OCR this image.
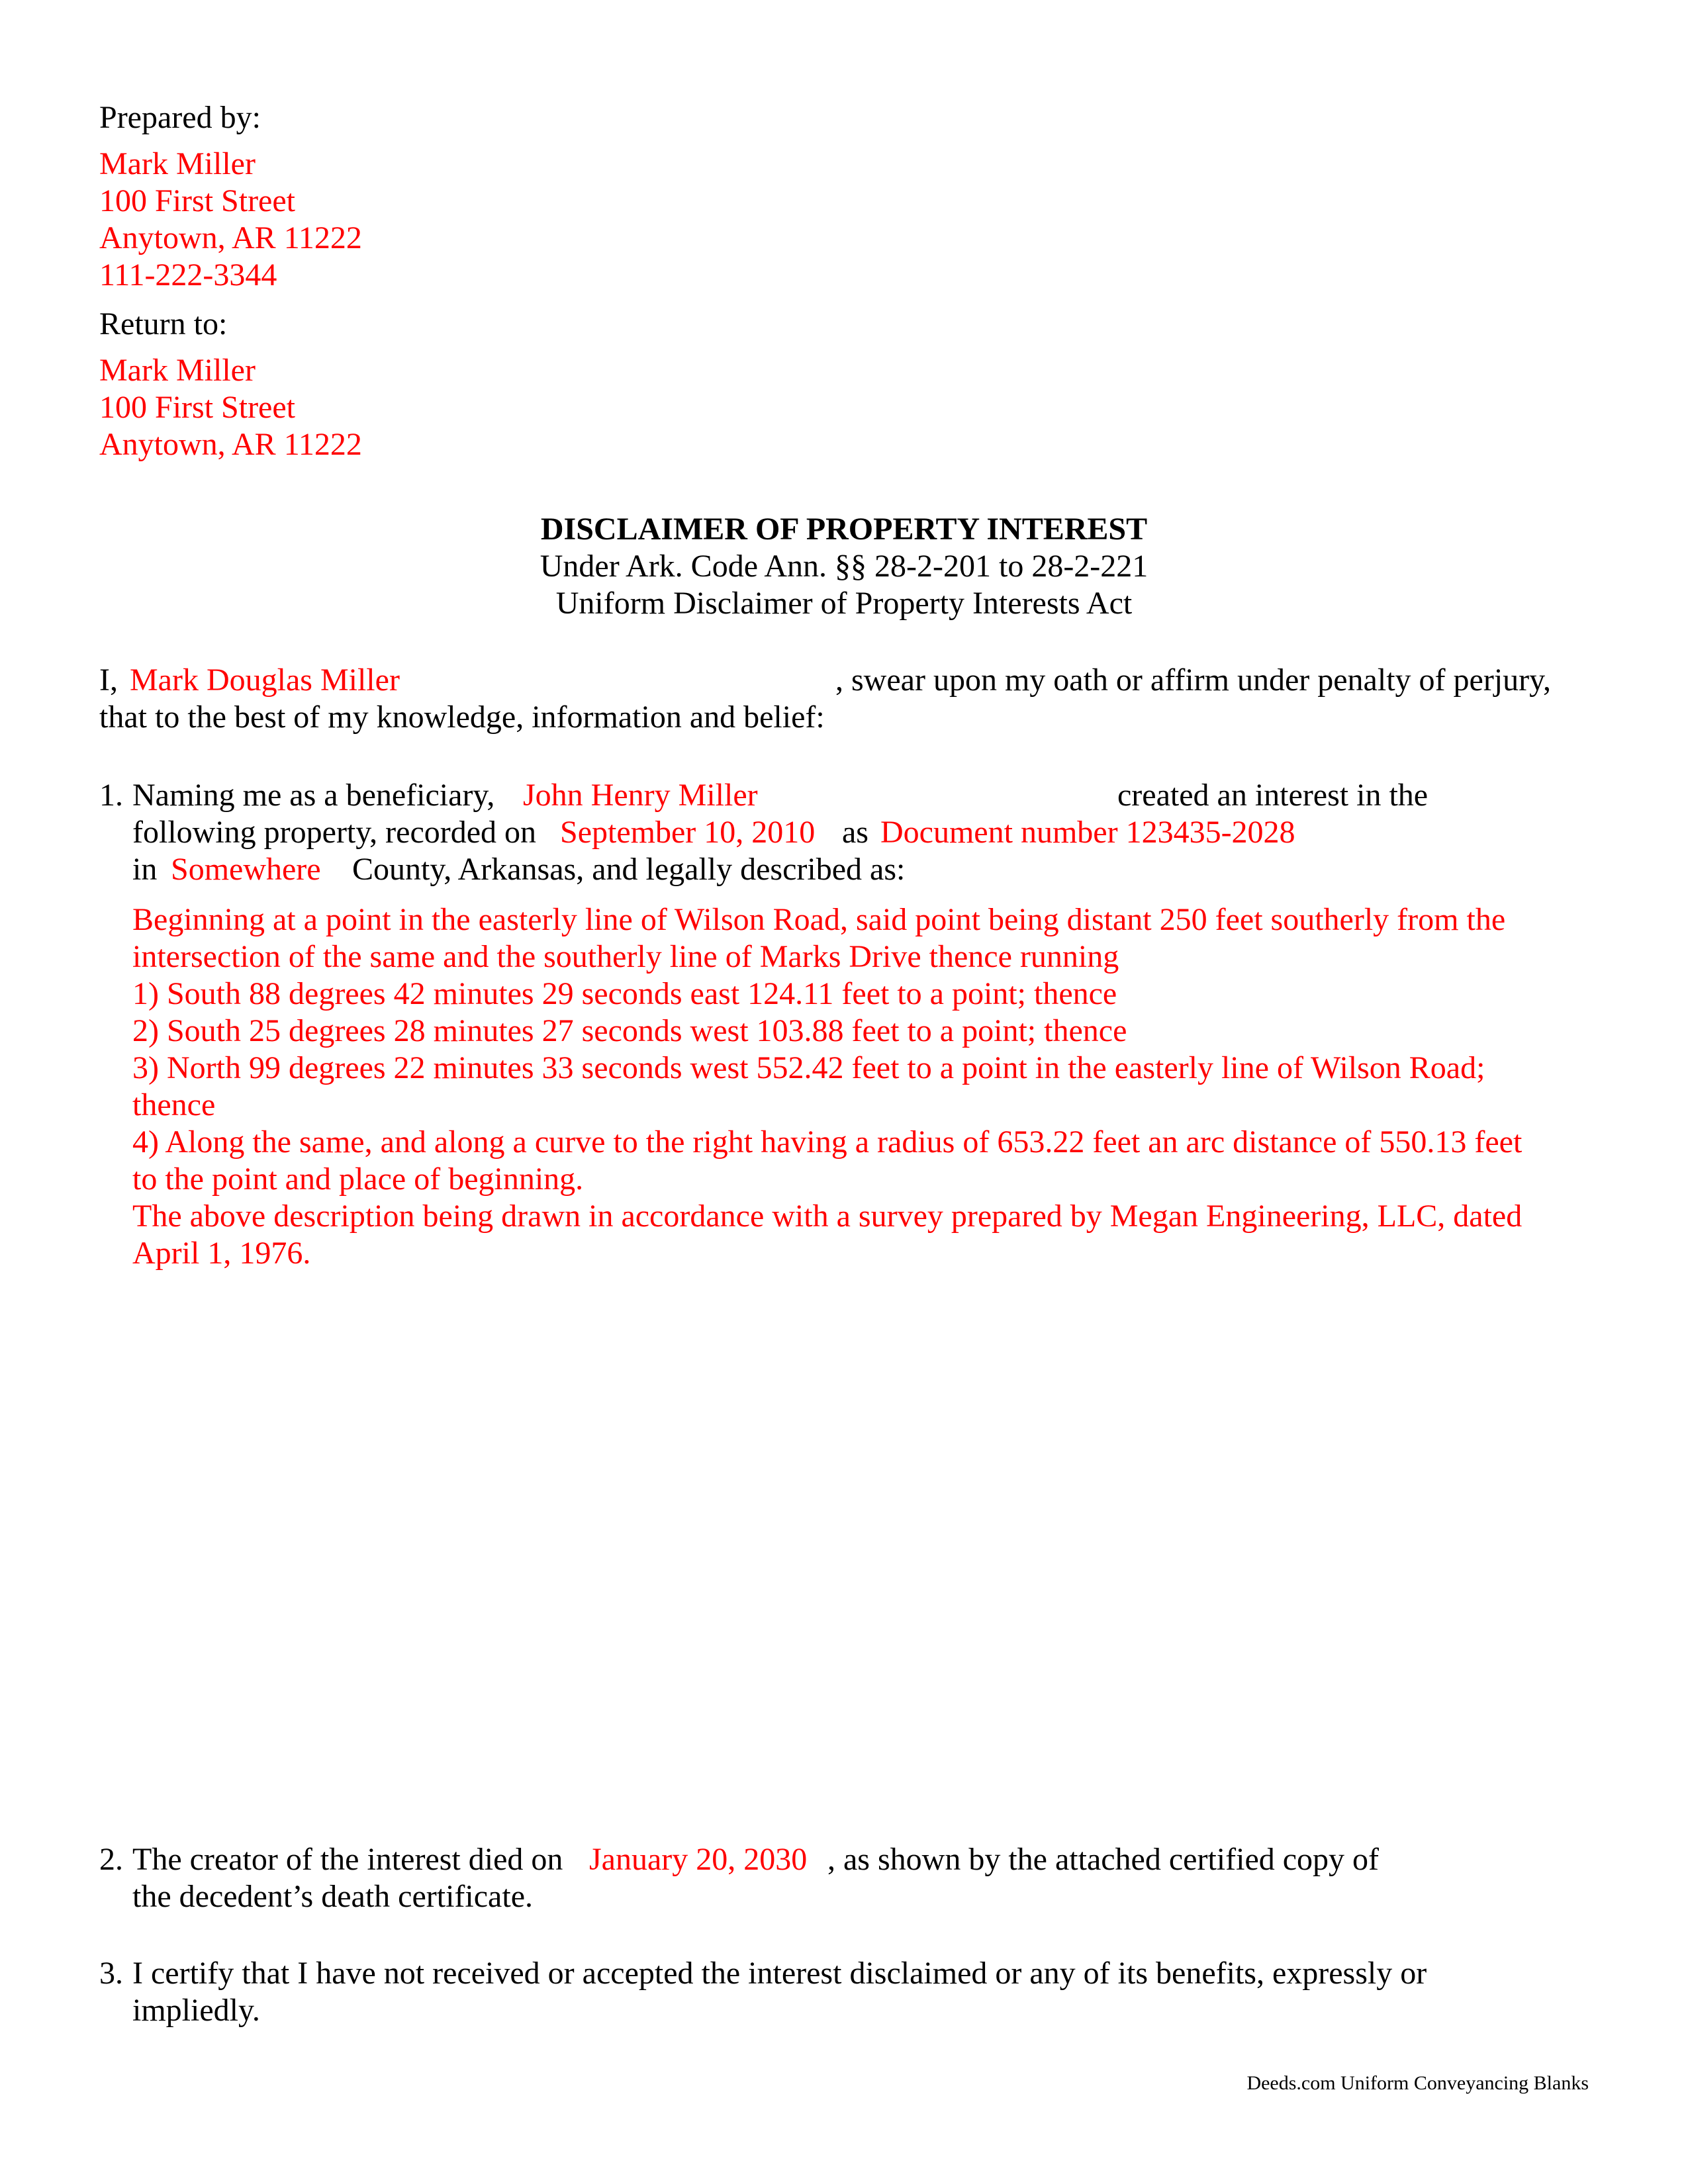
Prepared by:
Mark Miller
100 First Street
Anytown, AR 11222
111-222-3344
Return to:
Mark Miller
100 First Street
Anytown, AR 11222
DISCLAIMER OF PROPERTY INTEREST
Under Ark. Code Ann. §§ 28-2-201 to 28-2-221
Uniform Disclaimer of Property Interests Act
I, Mark Douglas Miller	, swear upon my oath or affirm under penalty of perjury,
that to the best of my knowledge, information and belief:
1. Naming me as a beneficiary, John Henry Miller	created an interest in the
following property, recorded on September 10, 2010 as Document number 123435-2028
in Somewhere County, Arkansas, and legally described as:
Beginning at a point in the easterly line of Wilson Road, said point being distant 250 feet southerly from the
intersection of the same and the southerly line of Marks Drive thence running
1) South 88 degrees 42 minutes 29 seconds east 124.11 feet to a point; thence
2) South 25 degrees 28 minutes 27 seconds west 103.88 feet to a point; thence
3) North 99 degrees 22 minutes 33 seconds west 552.42 feet to a point in the easterly line of Wilson Road;
thence
4) Along the same, and along a curve to the right having a radius of 653.22 feet an arc distance of 550.13 feet
to the point and place of beginning.
The above description being drawn in accordance with a survey prepared by Megan Engineering, LLC, dated
April 1, 1976.
2. The creator of the interest died on January 20, 2030 , as shown by the attached certified copy of
the decedent’s death certificate.
3. I certify that I have not received or accepted the interest disclaimed or any of its benefits, expressly or
impliedly.
Deeds.com Uniform Conveyancing Blanks
